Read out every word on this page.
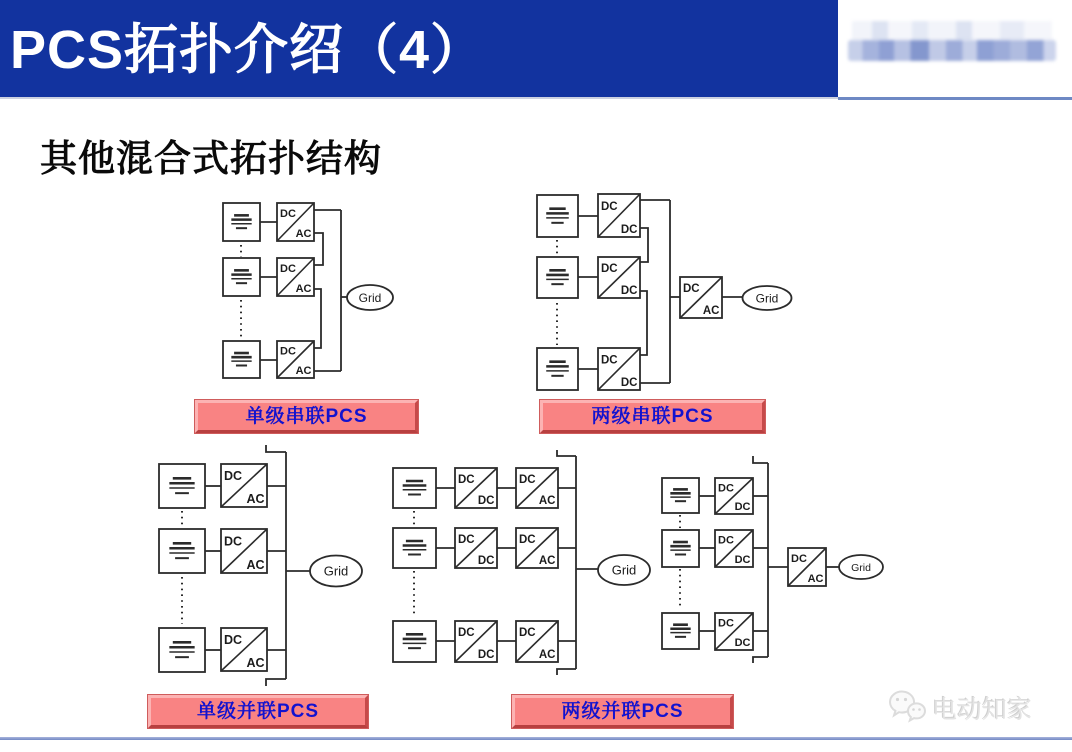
PCS拓扑介绍（4）
其他混合式拓扑结构
DC
AC
DC
AC
DC
AC
Grid
DC
DC
DC
DC
DC
DC
DC
AC
Grid
DC
AC
DC
AC
DC
AC
Grid
DC
DC
DC
DC
DC
DC
DC
AC
DC
AC
DC
AC
Grid
DC
DC
DC
DC
DC
DC
DC
AC
Grid
单级串联PCS	两级串联PCS
单级并联PCS	两级并联PCS	电动知家
